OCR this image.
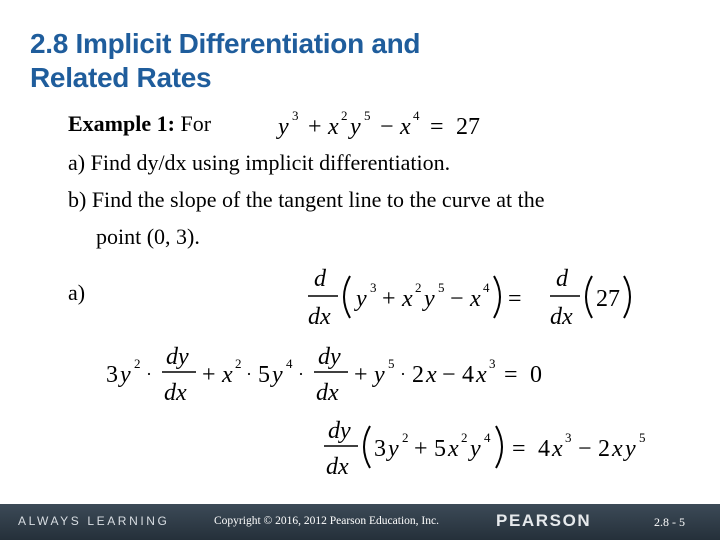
2.8 Implicit Differentiation and
Related Rates
Example 1: For	y 3 + x 2 y 5 − x 4 = 27
a) Find dy/dx using implicit differentiation.
b) Find the slope of the tangent line to the curve at the
point (0, 3).
a)
d
dx
y 3 + x 2 y 5 − x 4 =
d
dx
27
3 y 2
·
dy
dx
+ x 2
· 5 y 4
·
dy
dx
+ y 5
· 2 x − 4 x 3 = 0
dy
dx
3 y 2 + 5 x 2 y 4 = 4 x 3 − 2 x y 5
ALWAYS LEARNING	Copyright © 2016, 2012 Pearson Education, Inc.	PEARSON	2.8 - 5
